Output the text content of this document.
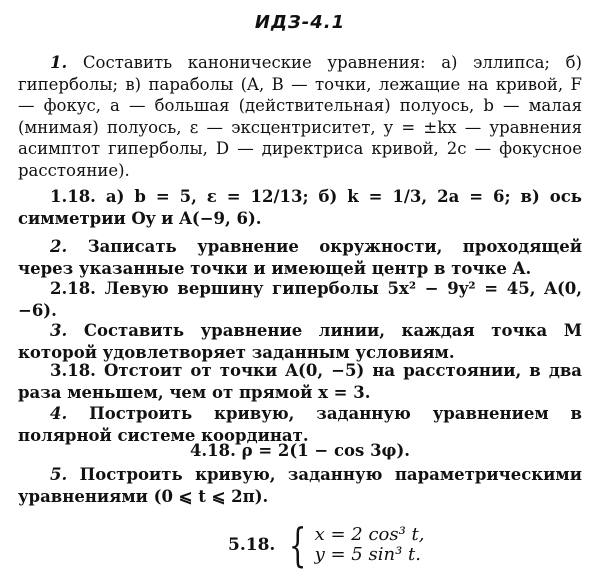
ИДЗ-4.1
1. Составить канонические уравнения: а) эллипса; б) гиперболы; в) параболы (A, B — точки, лежащие на кривой, F — фокус, a — большая (действительная) полуось, b — малая (мнимая) полуось, ε — эксцентриситет, y = ±kx — уравнения асимптот гиперболы, D — директриса кривой, 2c — фокусное расстояние).
1.18. а) b = 5, ε = 12/13; б) k = 1/3, 2a = 6; в) ось симметрии Oy и A(−9, 6).
2. Записать уравнение окружности, проходящей через указанные точки и имеющей центр в точке A.
2.18. Левую вершину гиперболы 5x² − 9y² = 45, A(0, −6).
3. Составить уравнение линии, каждая точка M которой удовлетворяет заданным условиям.
3.18. Отстоит от точки A(0, −5) на расстоянии, в два раза меньшем, чем от прямой x = 3.
4. Построить кривую, заданную уравнением в полярной системе координат.
4.18. ρ = 2(1 − cos 3φ).
5. Построить кривую, заданную параметрическими уравнениями (0 ⩽ t ⩽ 2π).
5.18. { x = 2 cos³ t,
y = 5 sin³ t.
